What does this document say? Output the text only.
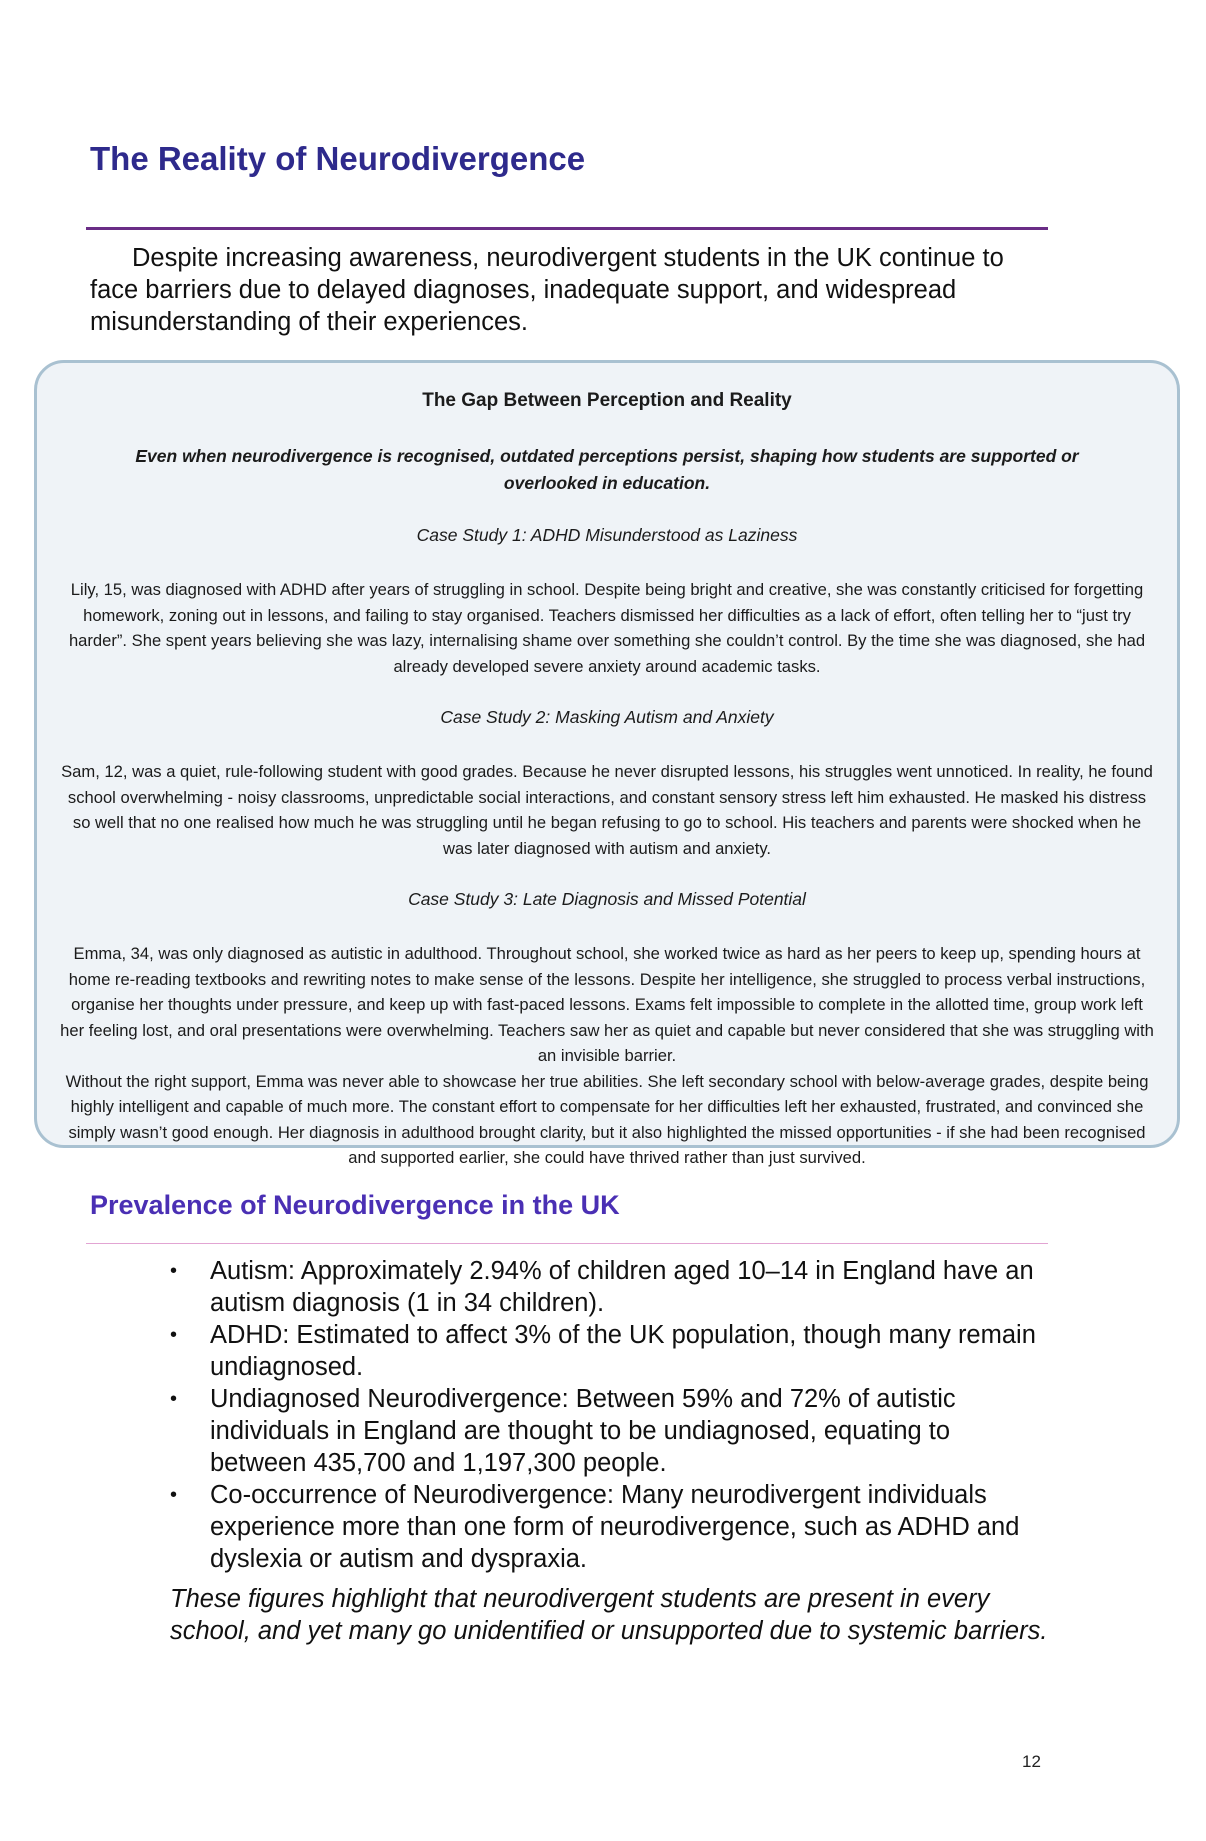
The Reality of Neurodivergence

Despite increasing awareness, neurodivergent students in the UK continue to face barriers due to delayed diagnoses, inadequate support, and widespread misunderstanding of their experiences.

The Gap Between Perception and Reality

Even when neurodivergence is recognised, outdated perceptions persist, shaping how students are supported or overlooked in education.

Case Study 1: ADHD Misunderstood as Laziness

Lily, 15, was diagnosed with ADHD after years of struggling in school. Despite being bright and creative, she was constantly criticised for forgetting homework, zoning out in lessons, and failing to stay organised. Teachers dismissed her difficulties as a lack of effort, often telling her to “just try harder”. She spent years believing she was lazy, internalising shame over something she couldn’t control. By the time she was diagnosed, she had already developed severe anxiety around academic tasks.

Case Study 2: Masking Autism and Anxiety

Sam, 12, was a quiet, rule-following student with good grades. Because he never disrupted lessons, his struggles went unnoticed. In reality, he found school overwhelming - noisy classrooms, unpredictable social interactions, and constant sensory stress left him exhausted. He masked his distress so well that no one realised how much he was struggling until he began refusing to go to school. His teachers and parents were shocked when he was later diagnosed with autism and anxiety.

Case Study 3: Late Diagnosis and Missed Potential

Emma, 34, was only diagnosed as autistic in adulthood. Throughout school, she worked twice as hard as her peers to keep up, spending hours at home re-reading textbooks and rewriting notes to make sense of the lessons. Despite her intelligence, she struggled to process verbal instructions, organise her thoughts under pressure, and keep up with fast-paced lessons. Exams felt impossible to complete in the allotted time, group work left her feeling lost, and oral presentations were overwhelming. Teachers saw her as quiet and capable but never considered that she was struggling with an invisible barrier.

Without the right support, Emma was never able to showcase her true abilities. She left secondary school with below-average grades, despite being highly intelligent and capable of much more. The constant effort to compensate for her difficulties left her exhausted, frustrated, and convinced she simply wasn’t good enough. Her diagnosis in adulthood brought clarity, but it also highlighted the missed opportunities - if she had been recognised and supported earlier, she could have thrived rather than just survived.

Prevalence of Neurodivergence in the UK
• Autism: Approximately 2.94% of children aged 10–14 in England have an autism diagnosis (1 in 34 children).
• ADHD: Estimated to affect 3% of the UK population, though many remain undiagnosed.
• Undiagnosed Neurodivergence: Between 59% and 72% of autistic individuals in England are thought to be undiagnosed, equating to between 435,700 and 1,197,300 people.
• Co-occurrence of Neurodivergence: Many neurodivergent individuals experience more than one form of neurodivergence, such as ADHD and dyslexia or autism and dyspraxia.

These figures highlight that neurodivergent students are present in every school, and yet many go unidentified or unsupported due to systemic barriers.

12
